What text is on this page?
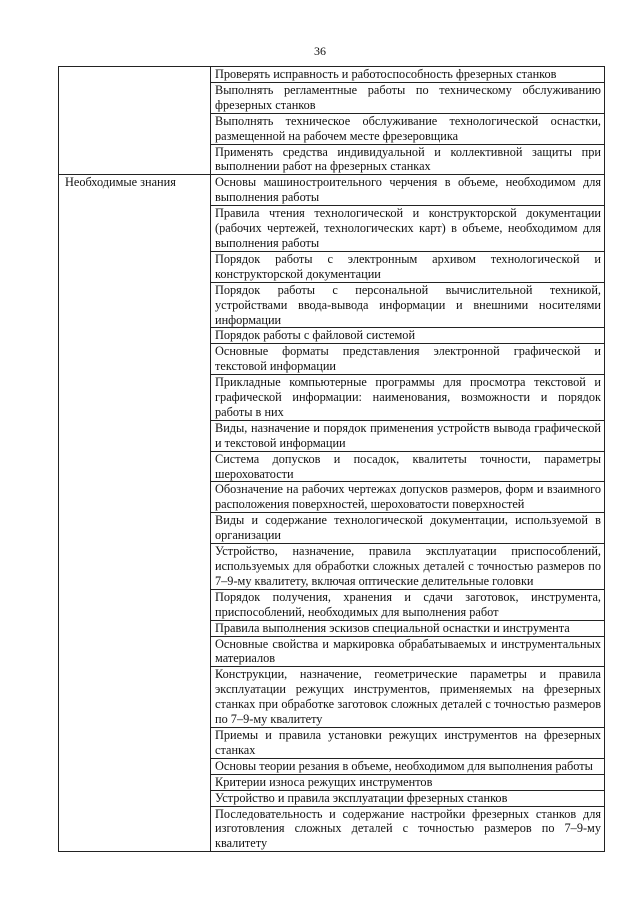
36
	Проверять исправность и работоспособность фрезерных станков
	Выполнять регламентные работы по техническому обслуживанию фрезерных станков
	Выполнять техническое обслуживание технологической оснастки, размещенной на рабочем месте фрезеровщика
	Применять средства индивидуальной и коллективной защиты при выполнении работ на фрезерных станках
Необходимые знания	Основы машиностроительного черчения в объеме, необходимом для выполнения работы
	Правила чтения технологической и конструкторской документации (рабочих чертежей, технологических карт) в объеме, необходимом для выполнения работы
	Порядок работы с электронным архивом технологической и конструкторской документации
	Порядок работы с персональной вычислительной техникой, устройствами ввода-вывода информации и внешними носителями информации
	Порядок работы с файловой системой
	Основные форматы представления электронной графической и текстовой информации
	Прикладные компьютерные программы для просмотра текстовой и графической информации: наименования, возможности и порядок работы в них
	Виды, назначение и порядок применения устройств вывода графической и текстовой информации
	Система допусков и посадок, квалитеты точности, параметры шероховатости
	Обозначение на рабочих чертежах допусков размеров, форм и взаимного расположения поверхностей, шероховатости поверхностей
	Виды и содержание технологической документации, используемой в организации
	Устройство, назначение, правила эксплуатации приспособлений, используемых для обработки сложных деталей с точностью размеров по 7–9-му квалитету, включая оптические делительные головки
	Порядок получения, хранения и сдачи заготовок, инструмента, приспособлений, необходимых для выполнения работ
	Правила выполнения эскизов специальной оснастки и инструмента
	Основные свойства и маркировка обрабатываемых и инструментальных материалов
	Конструкции, назначение, геометрические параметры и правила эксплуатации режущих инструментов, применяемых на фрезерных станках при обработке заготовок сложных деталей с точностью размеров по 7–9-му квалитету
	Приемы и правила установки режущих инструментов на фрезерных станках
	Основы теории резания в объеме, необходимом для выполнения работы
	Критерии износа режущих инструментов
	Устройство и правила эксплуатации фрезерных станков
	Последовательность и содержание настройки фрезерных станков для изготовления сложных деталей с точностью размеров по 7–9-му квалитету
